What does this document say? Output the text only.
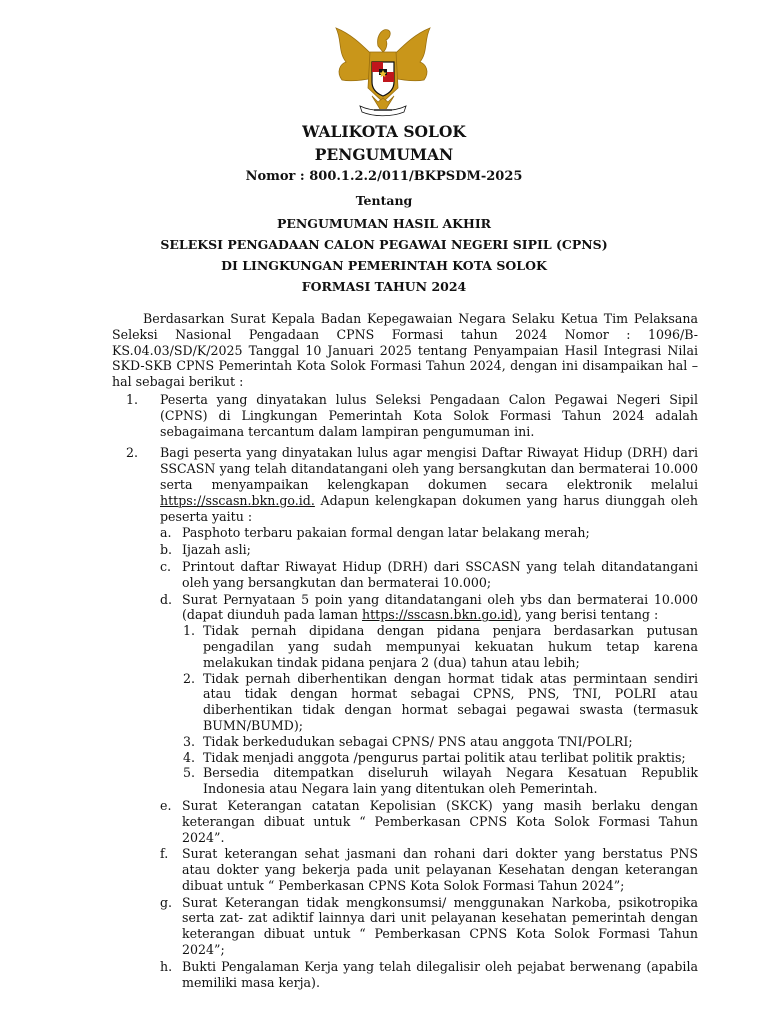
WALIKOTA SOLOK
PENGUMUMAN
Nomor : 800.1.2.2/011/BKPSDM-2025
Tentang
PENGUMUMAN HASIL AKHIR
SELEKSI PENGADAAN CALON PEGAWAI NEGERI SIPIL (CPNS)
DI LINGKUNGAN PEMERINTAH KOTA SOLOK
FORMASI TAHUN 2024

Berdasarkan Surat Kepala Badan Kepegawaian Negara Selaku Ketua Tim Pelaksana Seleksi Nasional Pengadaan CPNS Formasi tahun 2024 Nomor : 1096/B-KS.04.03/SD/K/2025 Tanggal 10 Januari 2025 tentang Penyampaian Hasil Integrasi Nilai SKD-SKB CPNS Pemerintah Kota Solok Formasi Tahun 2024, dengan ini disampaikan hal – hal sebagai berikut :

1. Peserta yang dinyatakan lulus Seleksi Pengadaan Calon Pegawai Negeri Sipil (CPNS) di Lingkungan Pemerintah Kota Solok Formasi Tahun 2024 adalah sebagaimana tercantum dalam lampiran pengumuman ini.
2. Bagi peserta yang dinyatakan lulus agar mengisi Daftar Riwayat Hidup (DRH) dari SSCASN yang telah ditandatangani oleh yang bersangkutan dan bermaterai 10.000 serta menyampaikan kelengkapan dokumen secara elektronik melalui https://sscasn.bkn.go.id. Adapun kelengkapan dokumen yang harus diunggah oleh peserta yaitu :
a. Pasphoto terbaru pakaian formal dengan latar belakang merah;
b. Ijazah asli;
c. Printout daftar Riwayat Hidup (DRH) dari SSCASN yang telah ditandatangani oleh yang bersangkutan dan bermaterai 10.000;
d. Surat Pernyataan 5 poin yang ditandatangani oleh ybs dan bermaterai 10.000 (dapat diunduh pada laman https://sscasn.bkn.go.id), yang berisi tentang :
1. Tidak pernah dipidana dengan pidana penjara berdasarkan putusan pengadilan yang sudah mempunyai kekuatan hukum tetap karena melakukan tindak pidana penjara 2 (dua) tahun atau lebih;
2. Tidak pernah diberhentikan dengan hormat tidak atas permintaan sendiri atau tidak dengan hormat sebagai CPNS, PNS, TNI, POLRI atau diberhentikan tidak dengan hormat sebagai pegawai swasta (termasuk BUMN/BUMD);
3. Tidak berkedudukan sebagai CPNS/ PNS atau anggota TNI/POLRI;
4. Tidak menjadi anggota /pengurus partai politik atau terlibat politik praktis;
5. Bersedia ditempatkan diseluruh wilayah Negara Kesatuan Republik Indonesia atau Negara lain yang ditentukan oleh Pemerintah.
e. Surat Keterangan catatan Kepolisian (SKCK) yang masih berlaku dengan keterangan dibuat untuk “ Pemberkasan CPNS Kota Solok Formasi Tahun 2024”.
f. Surat keterangan sehat jasmani dan rohani dari dokter yang berstatus PNS atau dokter yang bekerja pada unit pelayanan Kesehatan dengan keterangan dibuat untuk “ Pemberkasan CPNS Kota Solok Formasi Tahun 2024”;
g. Surat Keterangan tidak mengkonsumsi/ menggunakan Narkoba, psikotropika serta zat- zat adiktif lainnya dari unit pelayanan kesehatan pemerintah dengan keterangan dibuat untuk “ Pemberkasan CPNS Kota Solok Formasi Tahun 2024”;
h. Bukti Pengalaman Kerja yang telah dilegalisir oleh pejabat berwenang (apabila memiliki masa kerja).
